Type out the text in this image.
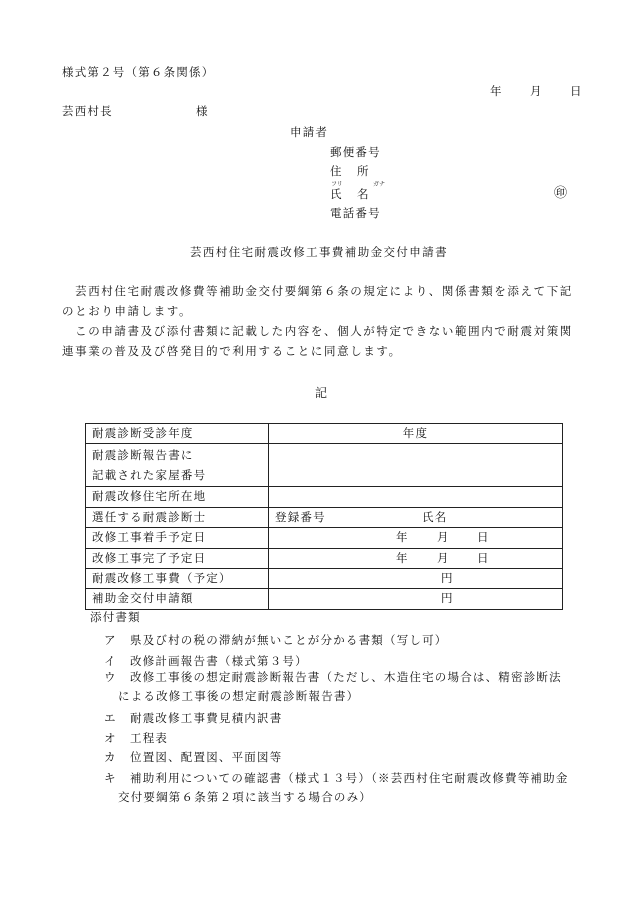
様式第２号（第６条関係）
年 月 日
芸西村長	様
申請者
郵便番号
住　所
フリ	ガナ
氏　名	㊞
電話番号
芸西村住宅耐震改修工事費補助金交付申請書
　芸西村住宅耐震改修費等補助金交付要綱第６条の規定により、関係書類を添えて下記
のとおり申請します。
　この申請書及び添付書類に記載した内容を、個人が特定できない範囲内で耐震対策関
連事業の普及及び啓発目的で利用することに同意します。
記
耐震診断受診年度	年度

耐震診断報告書に
記載された家屋番号	

耐震改修住宅所在地	
選任する耐震診断士	登録番号 氏名

改修工事着手予定日	年 月 日

改修工事完了予定日	年 月 日

耐震改修工事費（予定）	円

補助金交付申請額	円
添付書類
ア 県及び村の税の滞納が無いことが分かる書類（写し可）
イ 改修計画報告書（様式第３号）
ウ 改修工事後の想定耐震診断報告書（ただし、木造住宅の場合は、精密診断法
による改修工事後の想定耐震診断報告書）
エ 耐震改修工事費見積内訳書
オ 工程表
カ 位置図、配置図、平面図等
キ 補助利用についての確認書（様式１３号）（※芸西村住宅耐震改修費等補助金
交付要綱第６条第２項に該当する場合のみ）
